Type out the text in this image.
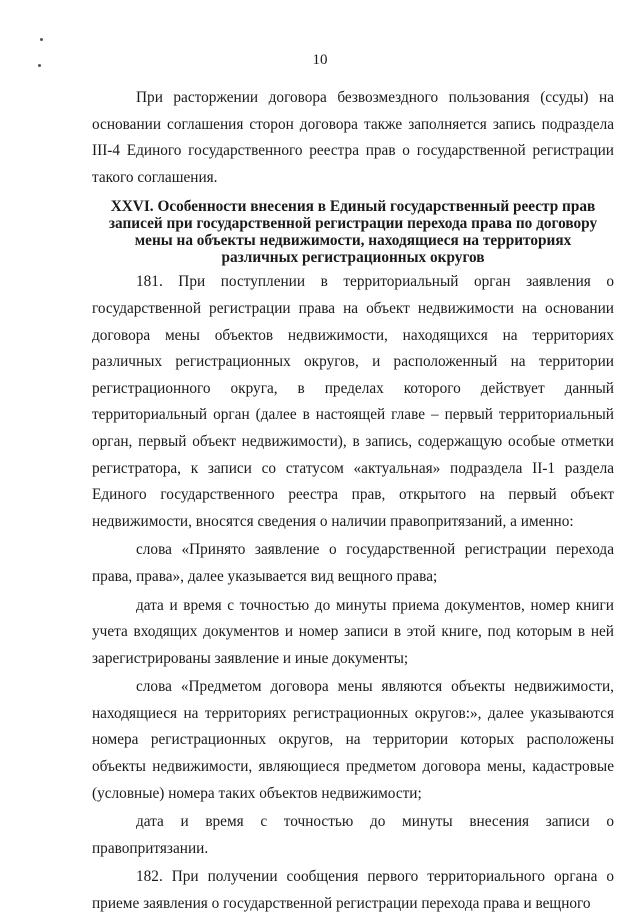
10

При расторжении договора безвозмездного пользования (ссуды) на основании соглашения сторон договора также заполняется запись подраздела III-4 Единого государственного реестра прав о государственной регистрации такого соглашения.

XXVI. Особенности внесения в Единый государственный реестр прав
записей при государственной регистрации перехода права по договору
мены на объекты недвижимости, находящиеся на территориях
различных регистрационных округов

181. При поступлении в территориальный орган заявления о государственной регистрации права на объект недвижимости на основании договора мены объектов недвижимости, находящихся на территориях различных регистрационных округов, и расположенный на территории регистрационного округа, в пределах которого действует данный территориальный орган (далее в настоящей главе – первый территориальный орган, первый объект недвижимости), в запись, содержащую особые отметки регистратора, к записи со статусом «актуальная» подраздела II-1 раздела Единого государственного реестра прав, открытого на первый объект недвижимости, вносятся сведения о наличии правопритязаний, а именно:

слова «Принято заявление о государственной регистрации перехода права, права», далее указывается вид вещного права;

дата и время с точностью до минуты приема документов, номер книги учета входящих документов и номер записи в этой книге, под которым в ней зарегистрированы заявление и иные документы;

слова «Предметом договора мены являются объекты недвижимости, находящиеся на территориях регистрационных округов:», далее указываются номера регистрационных округов, на территории которых расположены объекты недвижимости, являющиеся предметом договора мены, кадастровые (условные) номера таких объектов недвижимости;

дата и время с точностью до минуты внесения записи о правопритязании.

182. При получении сообщения первого территориального органа о приеме заявления о государственной регистрации перехода права и вещного
